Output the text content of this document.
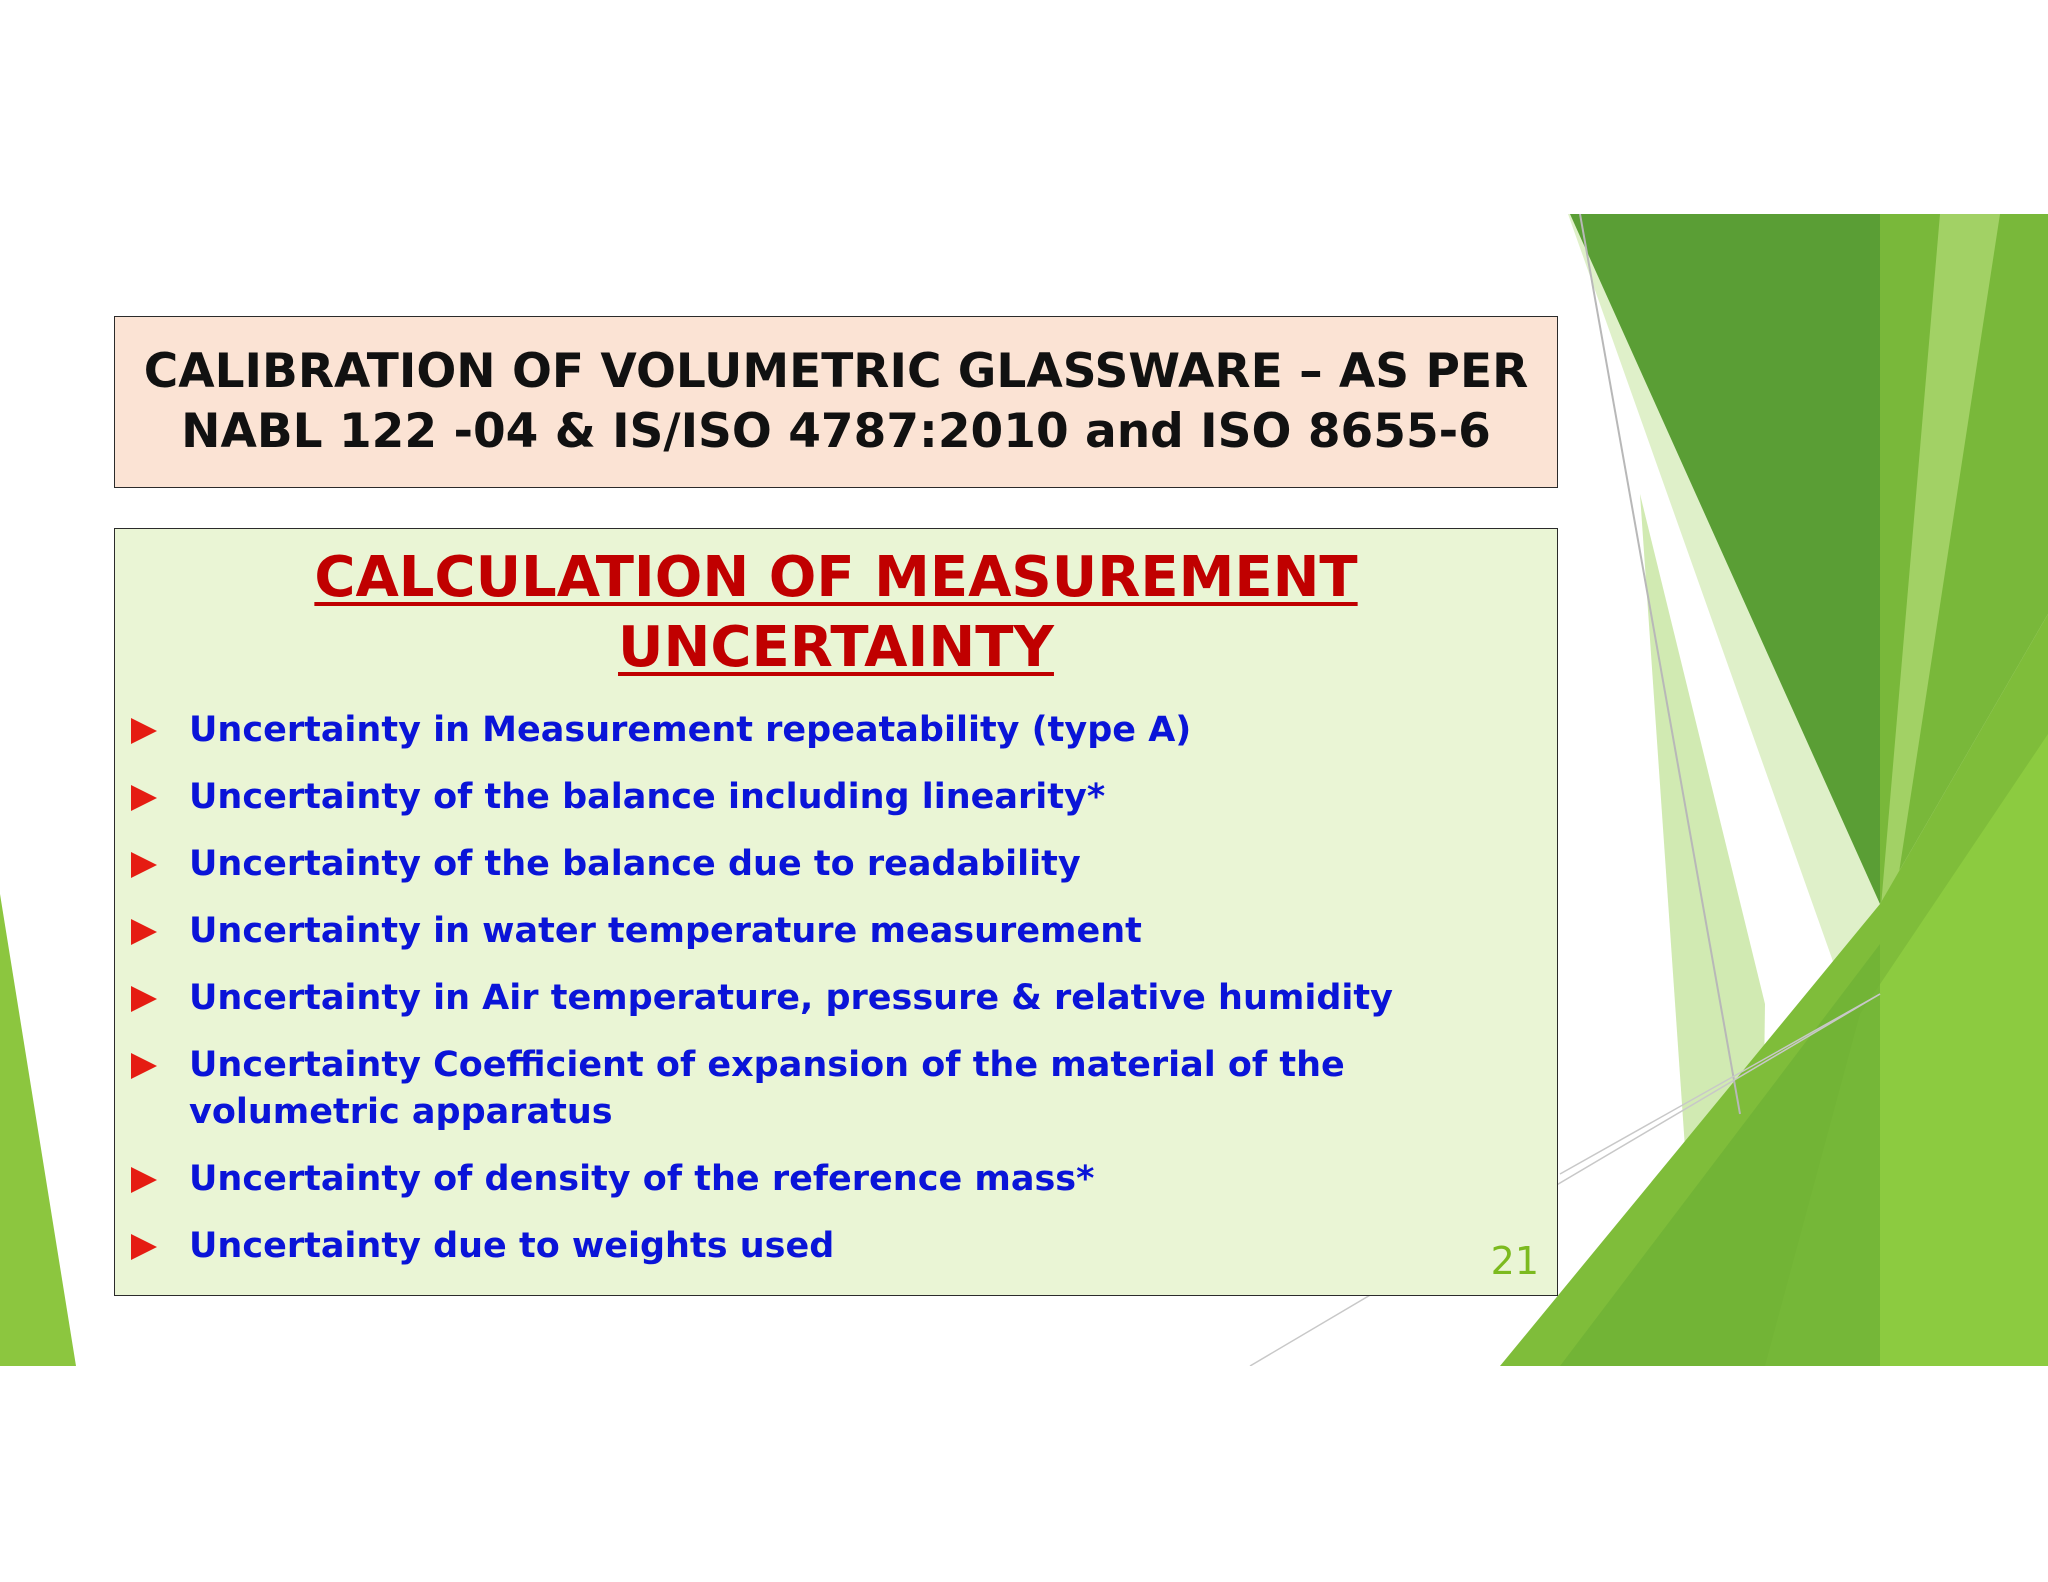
CALIBRATION OF VOLUMETRIC GLASSWARE – AS PER
NABL 122 -04 & IS/ISO 4787:2010 and ISO 8655-6

CALCULATION OF MEASUREMENT
UNCERTAINTY
Uncertainty in Measurement repeatability (type A)
Uncertainty of the balance including linearity*
Uncertainty of the balance due to readability
Uncertainty in water temperature measurement
Uncertainty in Air temperature, pressure & relative humidity
Uncertainty Coefficient of expansion of the material of the volumetric apparatus
Uncertainty of density of the reference mass*
Uncertainty due to weights used	21
